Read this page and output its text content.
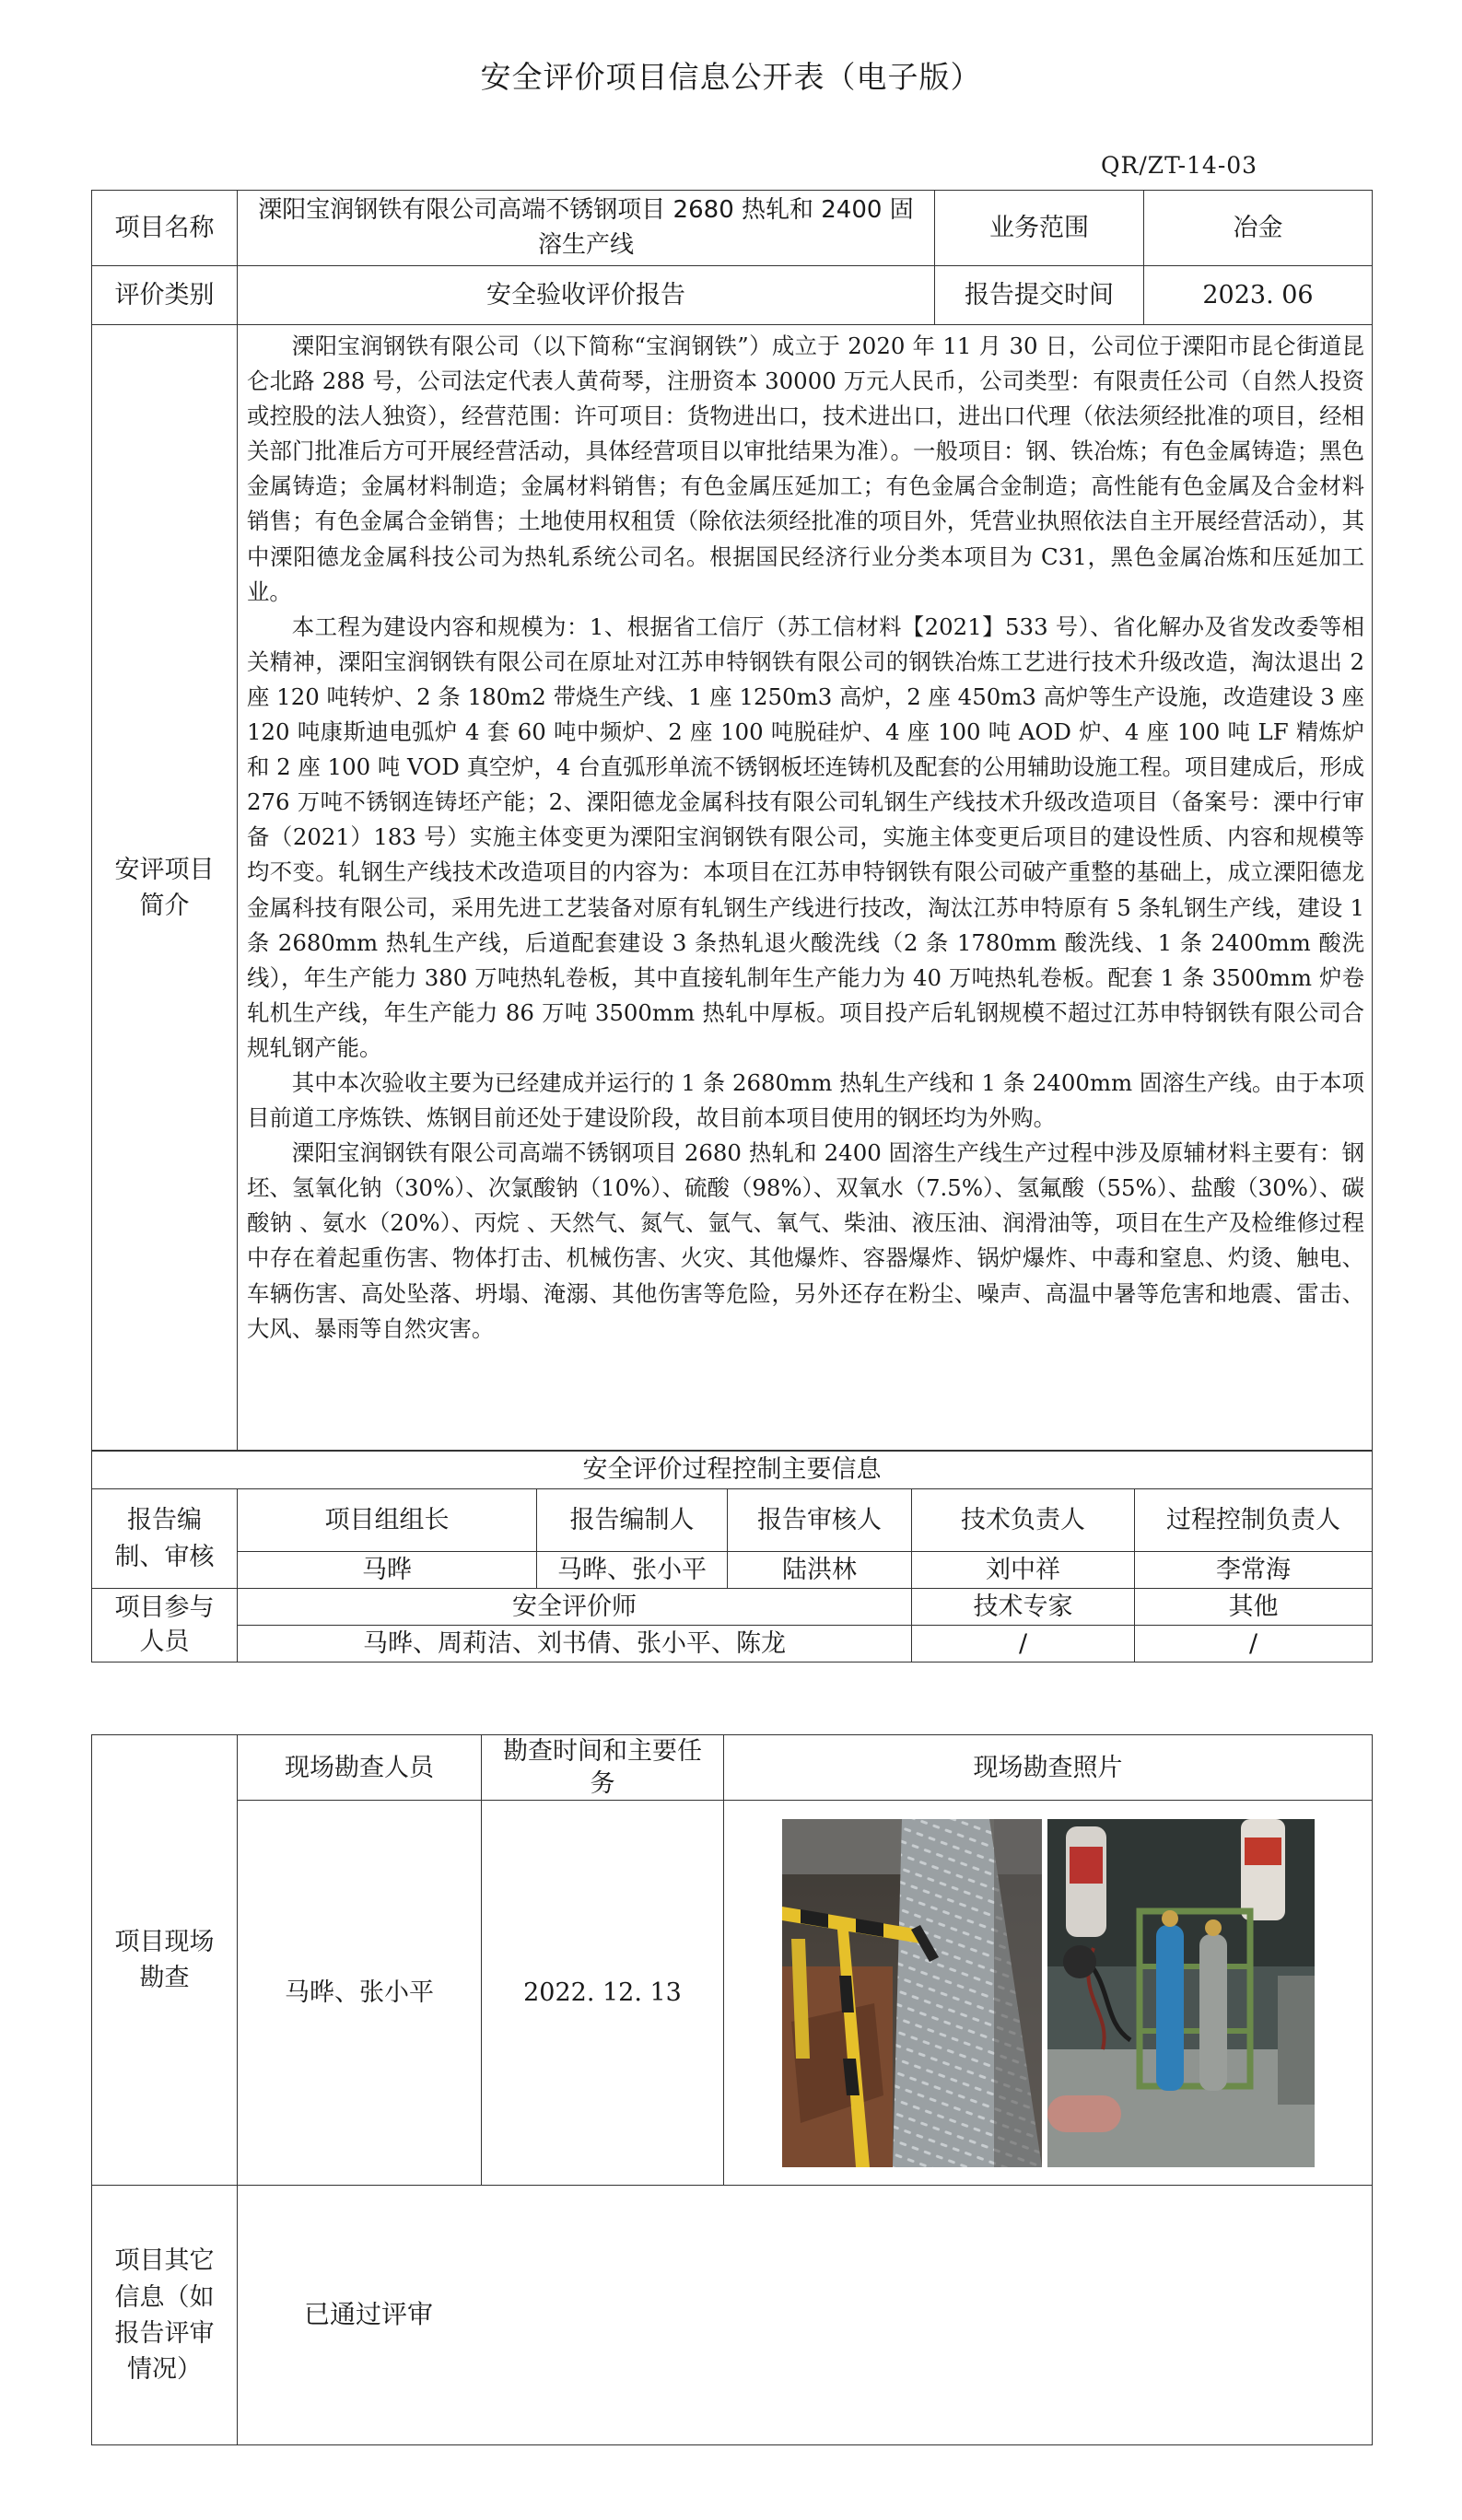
安全评价项目信息公开表（电子版）
QR/ZT-14-03
项目名称	溧阳宝润钢铁有限公司高端不锈钢项目 2680 热轧和 2400 固溶生产线	业务范围	冶金
评价类别	安全验收评价报告	报告提交时间	2023. 06
安评项目简介	溧阳宝润钢铁有限公司（以下简称“宝润钢铁”）成立于 2020 年 11 月 30 日，公司位于溧阳市昆仑街道昆仑北路 288 号，公司法定代表人黄荷琴，注册资本 30000 万元人民币，公司类型：有限责任公司（自然人投资或控股的法人独资），经营范围：许可项目：货物进出口，技术进出口，进出口代理（依法须经批准的项目，经相关部门批准后方可开展经营活动，具体经营项目以审批结果为准）。一般项目：钢、铁冶炼；有色金属铸造；黑色金属铸造；金属材料制造；金属材料销售；有色金属压延加工；有色金属合金制造；高性能有色金属及合金材料销售；有色金属合金销售；土地使用权租赁（除依法须经批准的项目外，凭营业执照依法自主开展经营活动），其中溧阳德龙金属科技公司为热轧系统公司名。根据国民经济行业分类本项目为 C31，黑色金属冶炼和压延加工业。

本工程为建设内容和规模为：1、根据省工信厅（苏工信材料【2021】533 号）、省化解办及省发改委等相关精神，溧阳宝润钢铁有限公司在原址对江苏申特钢铁有限公司的钢铁冶炼工艺进行技术升级改造，淘汰退出 2 座 120 吨转炉、2 条 180m2 带烧生产线、1 座 1250m3 高炉，2 座 450m3 高炉等生产设施，改造建设 3 座 120 吨康斯迪电弧炉 4 套 60 吨中频炉、2 座 100 吨脱硅炉、4 座 100 吨 AOD 炉、4 座 100 吨 LF 精炼炉和 2 座 100 吨 VOD 真空炉，4 台直弧形单流不锈钢板坯连铸机及配套的公用辅助设施工程。项目建成后，形成 276 万吨不锈钢连铸坯产能；2、溧阳德龙金属科技有限公司轧钢生产线技术升级改造项目（备案号：溧中行审备（2021）183 号）实施主体变更为溧阳宝润钢铁有限公司，实施主体变更后项目的建设性质、内容和规模等均不变。轧钢生产线技术改造项目的内容为：本项目在江苏申特钢铁有限公司破产重整的基础上，成立溧阳德龙金属科技有限公司，采用先进工艺装备对原有轧钢生产线进行技改，淘汰江苏申特原有 5 条轧钢生产线，建设 1 条 2680mm 热轧生产线，后道配套建设 3 条热轧退火酸洗线（2 条 1780mm 酸洗线、1 条 2400mm 酸洗线），年生产能力 380 万吨热轧卷板，其中直接轧制年生产能力为 40 万吨热轧卷板。配套 1 条 3500mm 炉卷轧机生产线，年生产能力 86 万吨 3500mm 热轧中厚板。项目投产后轧钢规模不超过江苏申特钢铁有限公司合规轧钢产能。

其中本次验收主要为已经建成并运行的 1 条 2680mm 热轧生产线和 1 条 2400mm 固溶生产线。由于本项目前道工序炼铁、炼钢目前还处于建设阶段，故目前本项目使用的钢坯均为外购。

溧阳宝润钢铁有限公司高端不锈钢项目 2680 热轧和 2400 固溶生产线生产过程中涉及原辅材料主要有：钢坯、氢氧化钠（30%）、次氯酸钠（10%）、硫酸（98%）、双氧水（7.5%）、氢氟酸（55%）、盐酸（30%）、碳酸钠 、氨水（20%）、丙烷 、天然气、氮气、氩气、氧气、柴油、液压油、润滑油等，项目在生产及检维修过程中存在着起重伤害、物体打击、机械伤害、火灾、其他爆炸、容器爆炸、锅炉爆炸、中毒和窒息、灼烫、触电、车辆伤害、高处坠落、坍塌、淹溺、其他伤害等危险，另外还存在粉尘、噪声、高温中暑等危害和地震、雷击、大风、暴雨等自然灾害。		

安全评价过程控制主要信息					
报告编制、审核	项目组组长	报告编制人	报告审核人	技术负责人	过程控制负责人
	马晔	马晔、张小平	陆洪林	刘中祥	李常海
项目参与人员	安全评价师			技术专家	其他
	马晔、周莉洁、刘书倩、张小平、陈龙			/	/
项目现场勘查	现场勘查人员	勘查时间和主要任务	现场勘查照片
	马晔、张小平	2022. 12. 13	

项目其它信息（如报告评审情况）	已通过评审		
